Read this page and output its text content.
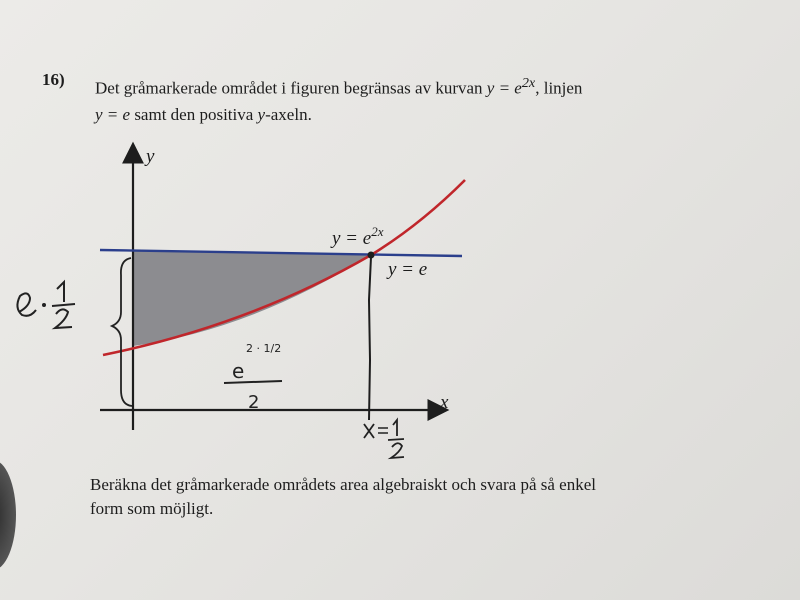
16) Det gråmarkerade området i figuren begränsas av kurvan $y = e^{2x}$, linjen
y = e samt den positiva y-axeln.
y
x
$y = e^{2x}$
y = e
2 · 1/2
e
2
Beräkna det gråmarkerade områdets area algebraiskt och svara på så enkel
form som möjligt.
